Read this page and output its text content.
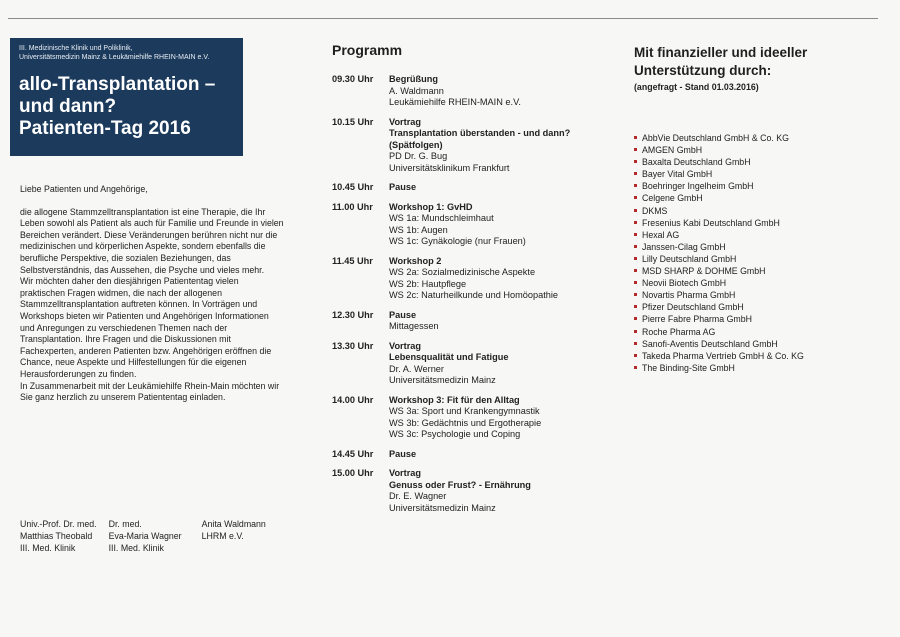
III. Medizinische Klinik und Poliklinik,
Universitätsmedizin Mainz & Leukämiehilfe RHEIN-MAIN e.V.
allo-Transplantation –
und dann?
Patienten-Tag 2016

Liebe Patienten und Angehörige,

die allogene Stammzelltransplantation ist eine Therapie, die Ihr Leben sowohl als Patient als auch für Familie und Freunde in vielen Bereichen verändert. Diese Veränderungen berühren nicht nur die medizinischen und körperlichen Aspekte, sondern ebenfalls die berufliche Perspektive, die sozialen Beziehungen, das Selbstverständnis, das Aussehen, die Psyche und vieles mehr.

Wir möchten daher den diesjährigen Patiententag vielen praktischen Fragen widmen, die nach der allogenen Stammzelltransplantation auftreten können. In Vorträgen und Workshops bieten wir Patienten und Angehörigen Informationen und Anregungen zu verschiedenen Themen nach der Transplantation. Ihre Fragen und die Diskussionen mit Fachexperten, anderen Patienten bzw. Angehörigen eröffnen die Chance, neue Aspekte und Hilfestellungen für die eigenen Herausforderungen zu finden.

In Zusammenarbeit mit der Leukämiehilfe Rhein-Main möchten wir Sie ganz herzlich zu unserem Patiententag einladen.

Univ.-Prof. Dr. med.
Matthias Theobald
III. Med. Klinik
Dr. med.
Eva-Maria Wagner
III. Med. Klinik
Anita Waldmann
LHRM e.V.
Programm
09.30 Uhr	Begrüßung
A. Waldmann
Leukämiehilfe RHEIN-MAIN e.V.
10.15 Uhr	Vortrag
Transplantation überstanden - und dann? (Spätfolgen)
PD Dr. G. Bug
Universitätsklinikum Frankfurt
10.45 Uhr	Pause
11.00 Uhr	Workshop 1: GvHD
WS 1a: Mundschleimhaut
WS 1b: Augen
WS 1c: Gynäkologie (nur Frauen)
11.45 Uhr	Workshop 2
WS 2a: Sozialmedizinische Aspekte
WS 2b: Hautpflege
WS 2c: Naturheilkunde und Homöopathie
12.30 Uhr	Pause
Mittagessen
13.30 Uhr	Vortrag
Lebensqualität und Fatigue
Dr. A. Werner
Universitätsmedizin Mainz
14.00 Uhr	Workshop 3: Fit für den Alltag
WS 3a: Sport und Krankengymnastik
WS 3b: Gedächtnis und Ergotherapie
WS 3c: Psychologie und Coping
14.45 Uhr	Pause
15.00 Uhr	Vortrag
Genuss oder Frust? - Ernährung
Dr. E. Wagner
Universitätsmedizin Mainz
Mit finanzieller und ideeller
Unterstützung durch:
(angefragt - Stand 01.03.2016)
AbbVie Deutschland GmbH & Co. KG
AMGEN GmbH
Baxalta Deutschland GmbH
Bayer Vital GmbH
Boehringer Ingelheim GmbH
Celgene GmbH
DKMS
Fresenius Kabi Deutschland GmbH
Hexal AG
Janssen-Cilag GmbH
Lilly Deutschland GmbH
MSD SHARP & DOHME GmbH
Neovii Biotech GmbH
Novartis Pharma GmbH
Pfizer Deutschland GmbH
Pierre Fabre Pharma GmbH
Roche Pharma AG
Sanofi-Aventis Deutschland GmbH
Takeda Pharma Vertrieb GmbH & Co. KG
The Binding-Site GmbH
